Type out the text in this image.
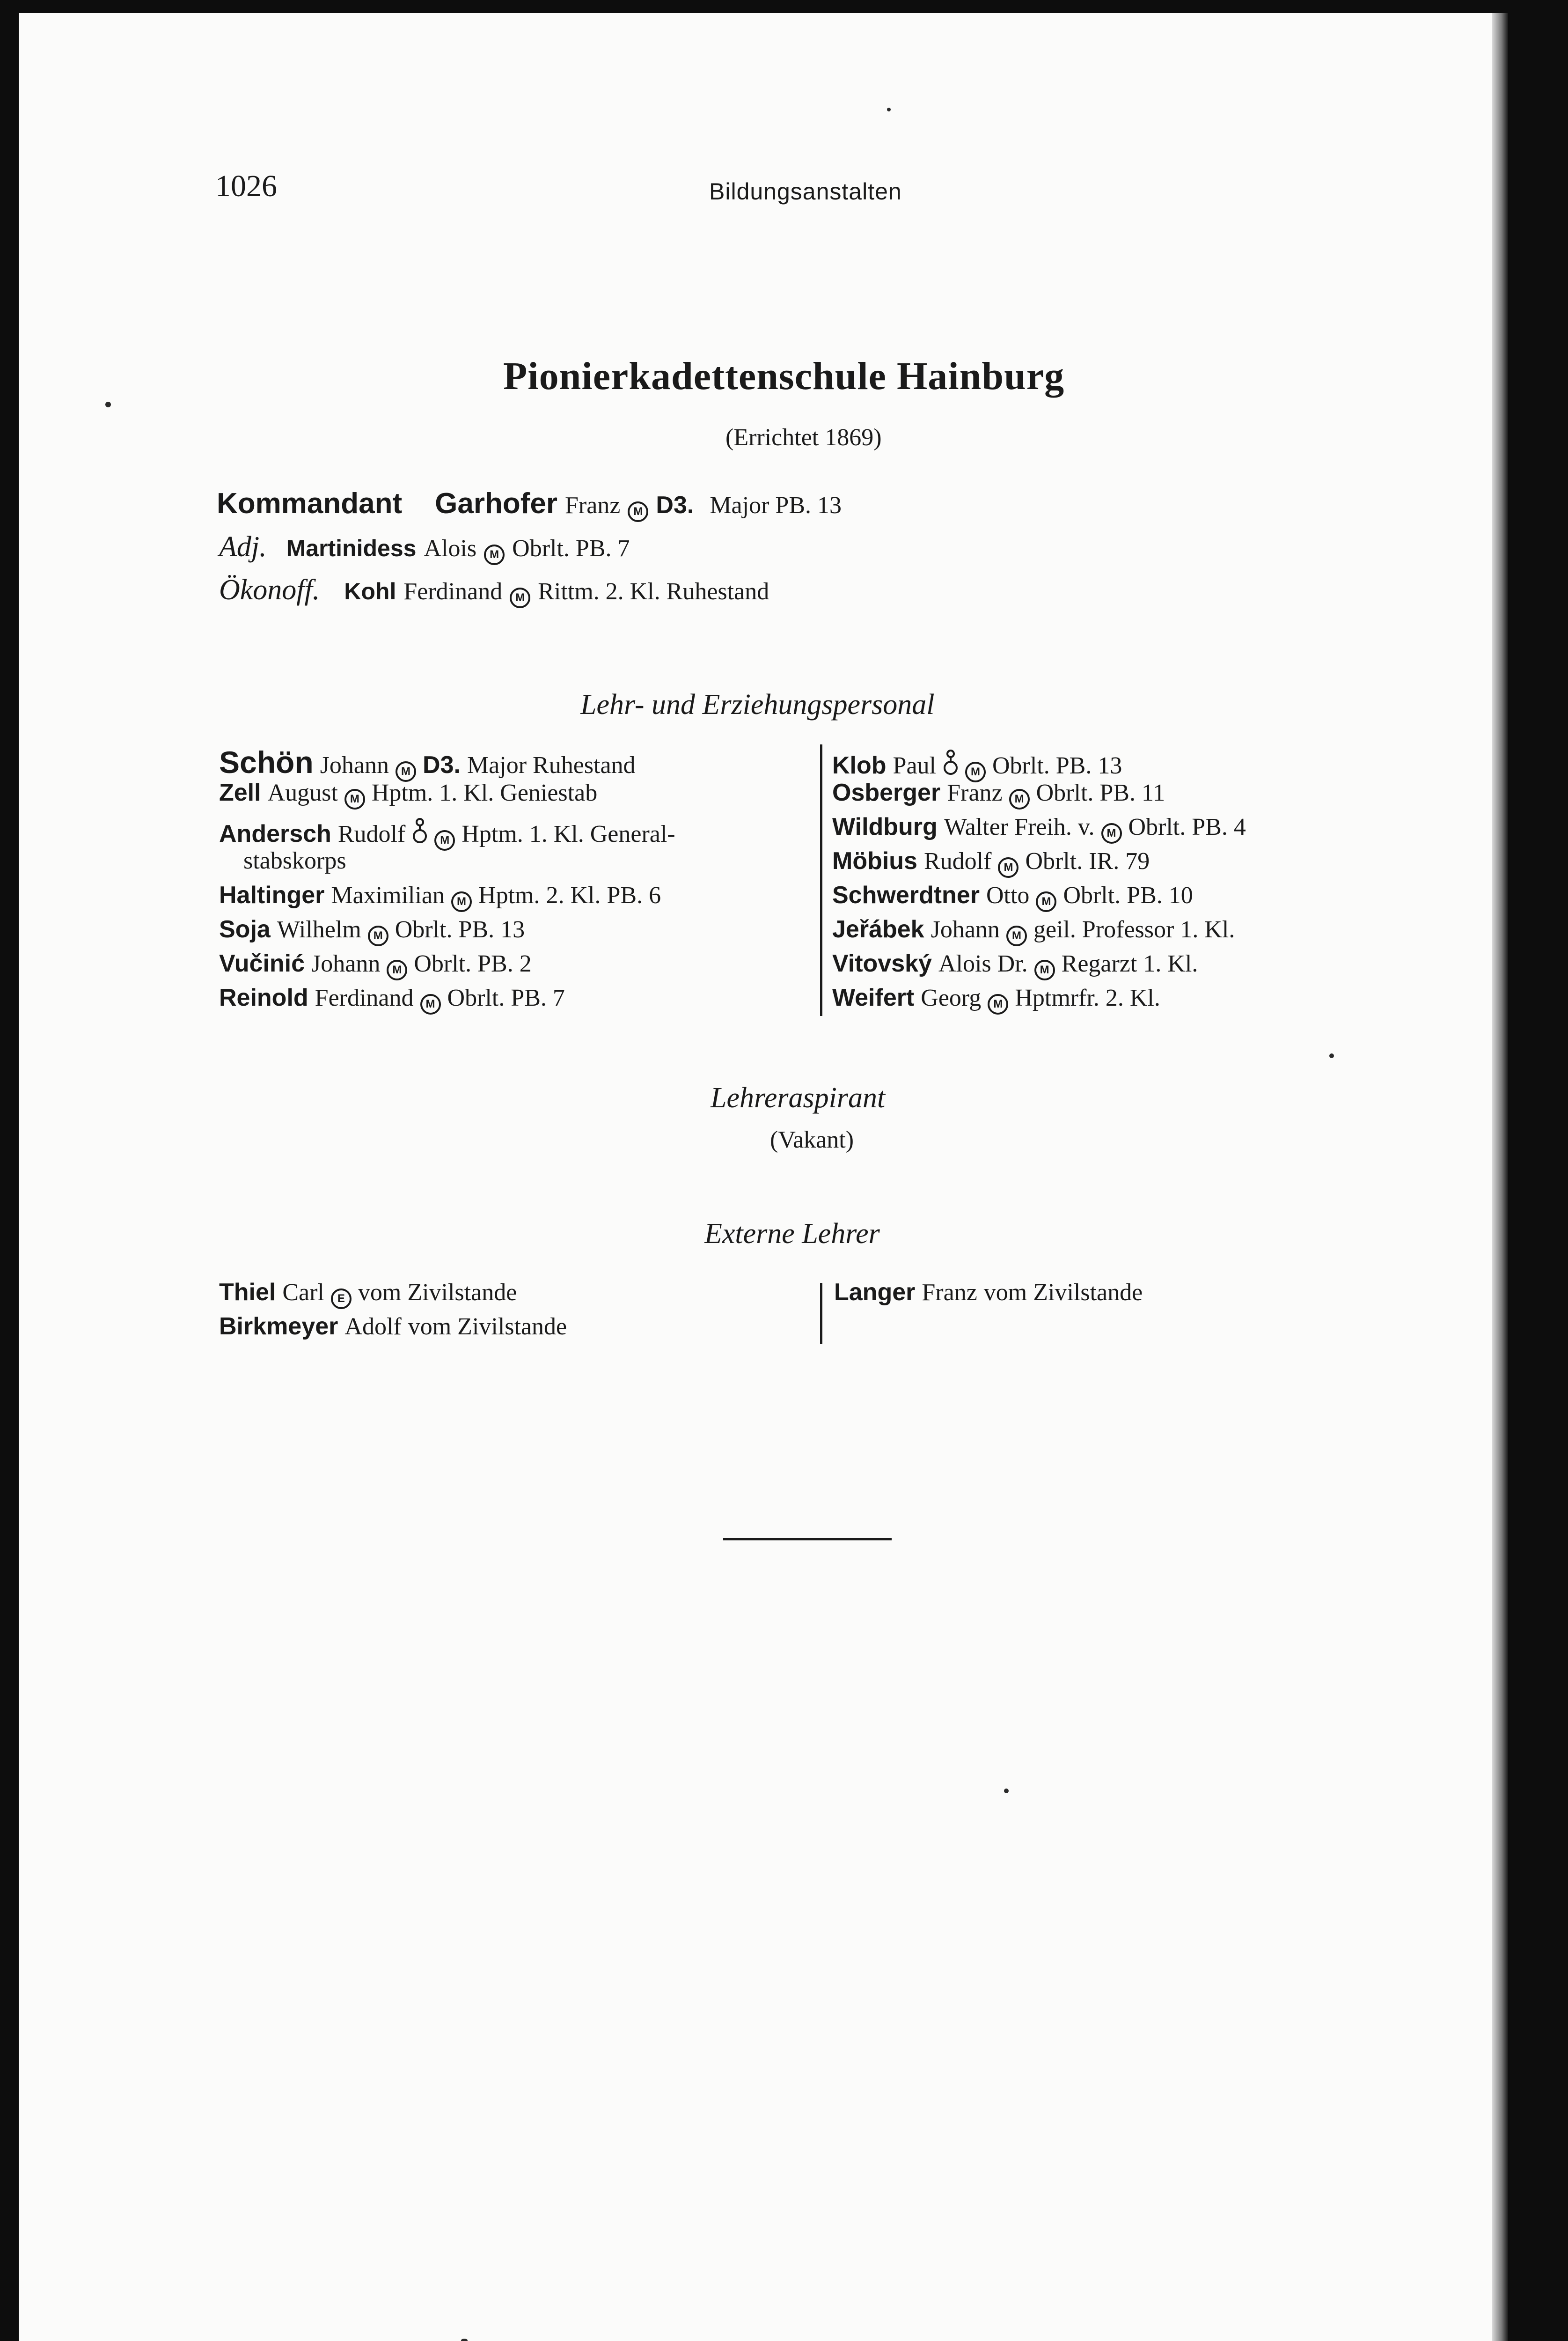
1026	Bildungsanstalten
Pionierkadettenschule Hainburg
(Errichtet 1869)
Kommandant Garhofer Franz	M D3. Major PB. 13
Adj. Martinidess Alois	M Obrlt. PB. 7
Ökonoff. Kohl Ferdinand	M Rittm. 2. Kl. Ruhestand
Lehr- und Erziehungspersonal
Schön Johann	M D3. Major Ruhestand
Zell August	M Hptm. 1. Kl. Geniestab
Andersch Rudolf	M Hptm. 1. Kl. General-
stabskorps
Haltinger Maximilian	M Hptm. 2. Kl. PB. 6
Soja Wilhelm	M Obrlt. PB. 13
Vučinić Johann	M Obrlt. PB. 2
Reinold Ferdinand	M Obrlt. PB. 7
Klob Paul	M Obrlt. PB. 13
Osberger Franz	M Obrlt. PB. 11
Wildburg Walter Freih. v.	M Obrlt. PB. 4
Möbius Rudolf	M Obrlt. IR. 79
Schwerdtner Otto	M Obrlt. PB. 10
Jeřábek Johann	M geil. Professor 1. Kl.
Vitovský Alois Dr.	M Regarzt 1. Kl.
Weifert Georg	M Hptmrfr. 2. Kl.
Lehreraspirant
(Vakant)
Externe Lehrer
Thiel Carl	E vom Zivilstande
Birkmeyer Adolf vom Zivilstande
Langer Franz vom Zivilstande
